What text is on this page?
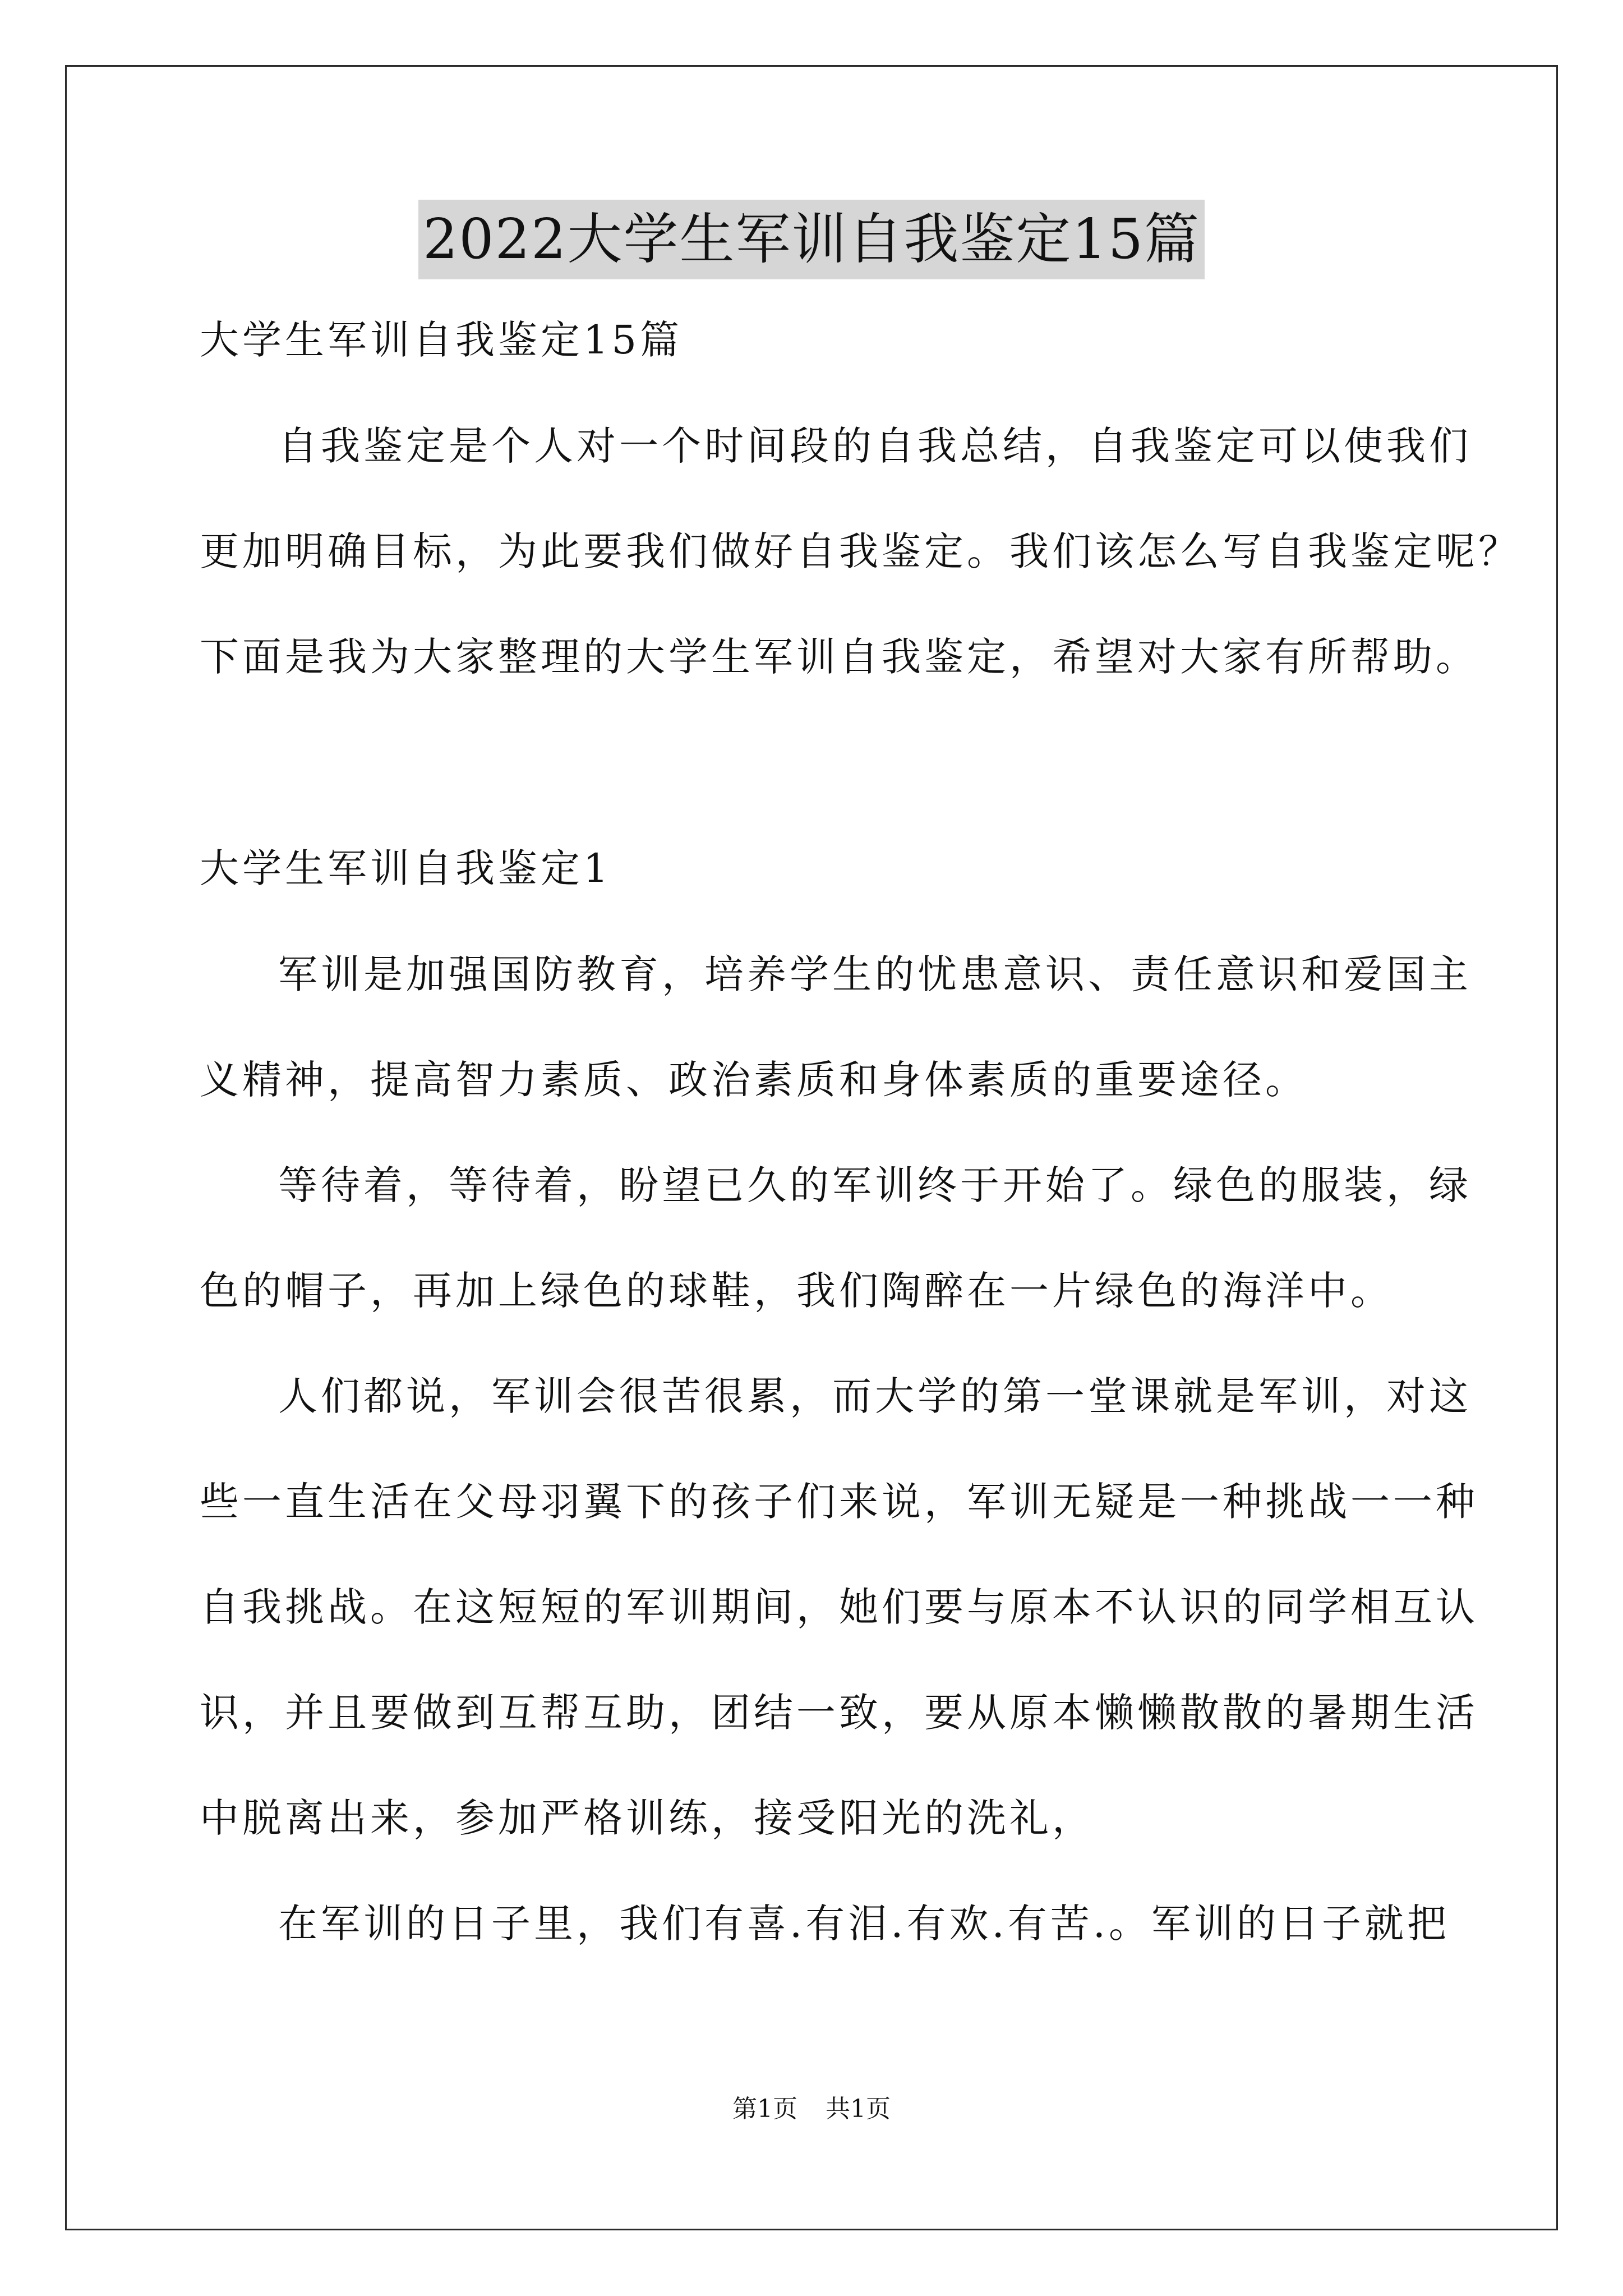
2022大学生军训自我鉴定15篇
大学生军训自我鉴定15篇
自我鉴定是个人对一个时间段的自我总结，自我鉴定可以使我们
更加明确目标，为此要我们做好自我鉴定。我们该怎么写自我鉴定呢？
下面是我为大家整理的大学生军训自我鉴定，希望对大家有所帮助。
大学生军训自我鉴定1
军训是加强国防教育，培养学生的忧患意识、责任意识和爱国主
义精神，提高智力素质、政治素质和身体素质的重要途径。
等待着，等待着，盼望已久的军训终于开始了。绿色的服装，绿
色的帽子，再加上绿色的球鞋，我们陶醉在一片绿色的海洋中。
人们都说，军训会很苦很累，而大学的第一堂课就是军训，对这
些一直生活在父母羽翼下的孩子们来说，军训无疑是一种挑战一一种
自我挑战。在这短短的军训期间，她们要与原本不认识的同学相互认
识，并且要做到互帮互助，团结一致，要从原本懒懒散散的暑期生活
中脱离出来，参加严格训练，接受阳光的洗礼，
在军训的日子里，我们有喜.有泪.有欢.有苦.。军训的日子就把
第1页 共1页
